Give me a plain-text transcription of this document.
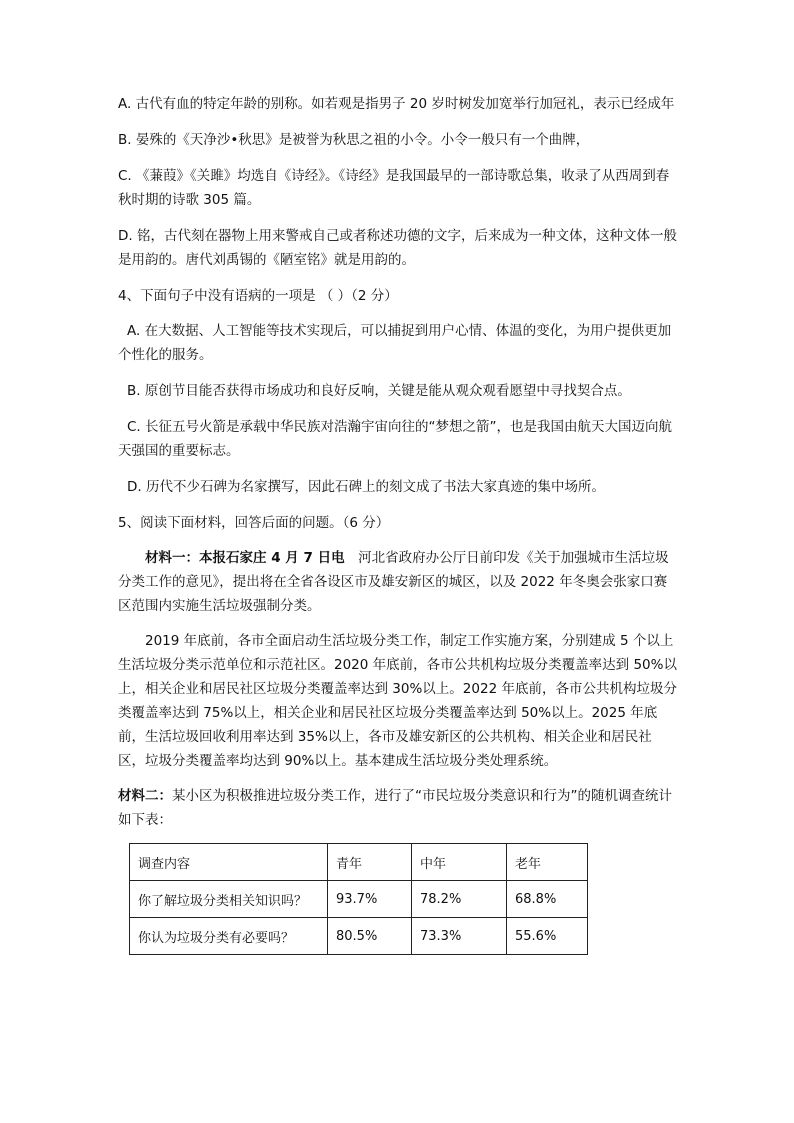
A. 古代有血的特定年龄的别称。如若观是指男子 20 岁时树发加宽举行加冠礼，表示已经成年

B. 晏殊的《天净沙•秋思》是被誉为秋思之祖的小令。小令一般只有一个曲牌，

C. 《蒹葭》《关雎》均选自《诗经》。《诗经》是我国最早的一部诗歌总集，收录了从西周到春秋时期的诗歌 305 篇。

D. 铭，古代刻在器物上用来警戒自己或者称述功德的文字，后来成为一种文体，这种文体一般是用韵的。唐代刘禹锡的《陋室铭》就是用韵的。

4、下面句子中没有语病的一项是 （ ）（2 分）

A. 在大数据、人工智能等技术实现后，可以捕捉到用户心情、体温的变化，为用户提供更加个性化的服务。

B. 原创节目能否获得市场成功和良好反响，关键是能从观众观看愿望中寻找契合点。

C. 长征五号火箭是承载中华民族对浩瀚宇宙向往的“梦想之箭”，也是我国由航天大国迈向航天强国的重要标志。

D. 历代不少石碑为名家撰写，因此石碑上的刻文成了书法大家真迹的集中场所。

5、阅读下面材料，回答后面的问题。（6 分）

材料一：本报石家庄 4 月 7 日电　河北省政府办公厅日前印发《关于加强城市生活垃圾分类工作的意见》，提出将在全省各设区市及雄安新区的城区，以及 2022 年冬奥会张家口赛区范围内实施生活垃圾强制分类。

2019 年底前，各市全面启动生活垃圾分类工作，制定工作实施方案，分别建成 5 个以上生活垃圾分类示范单位和示范社区。2020 年底前，各市公共机构垃圾分类覆盖率达到 50%以上，相关企业和居民社区垃圾分类覆盖率达到 30%以上。2022 年底前，各市公共机构垃圾分类覆盖率达到 75%以上，相关企业和居民社区垃圾分类覆盖率达到 50%以上。2025 年底前，生活垃圾回收利用率达到 35%以上，各市及雄安新区的公共机构、相关企业和居民社区，垃圾分类覆盖率均达到 90%以上。基本建成生活垃圾分类处理系统。

材料二：某小区为积极推进垃圾分类工作，进行了“市民垃圾分类意识和行为”的随机调查统计如下表：

调查内容	青年	中年	老年
你了解垃圾分类相关知识吗？	93.7%	78.2%	68.8%
你认为垃圾分类有必要吗？	80.5%	73.3%	55.6%
